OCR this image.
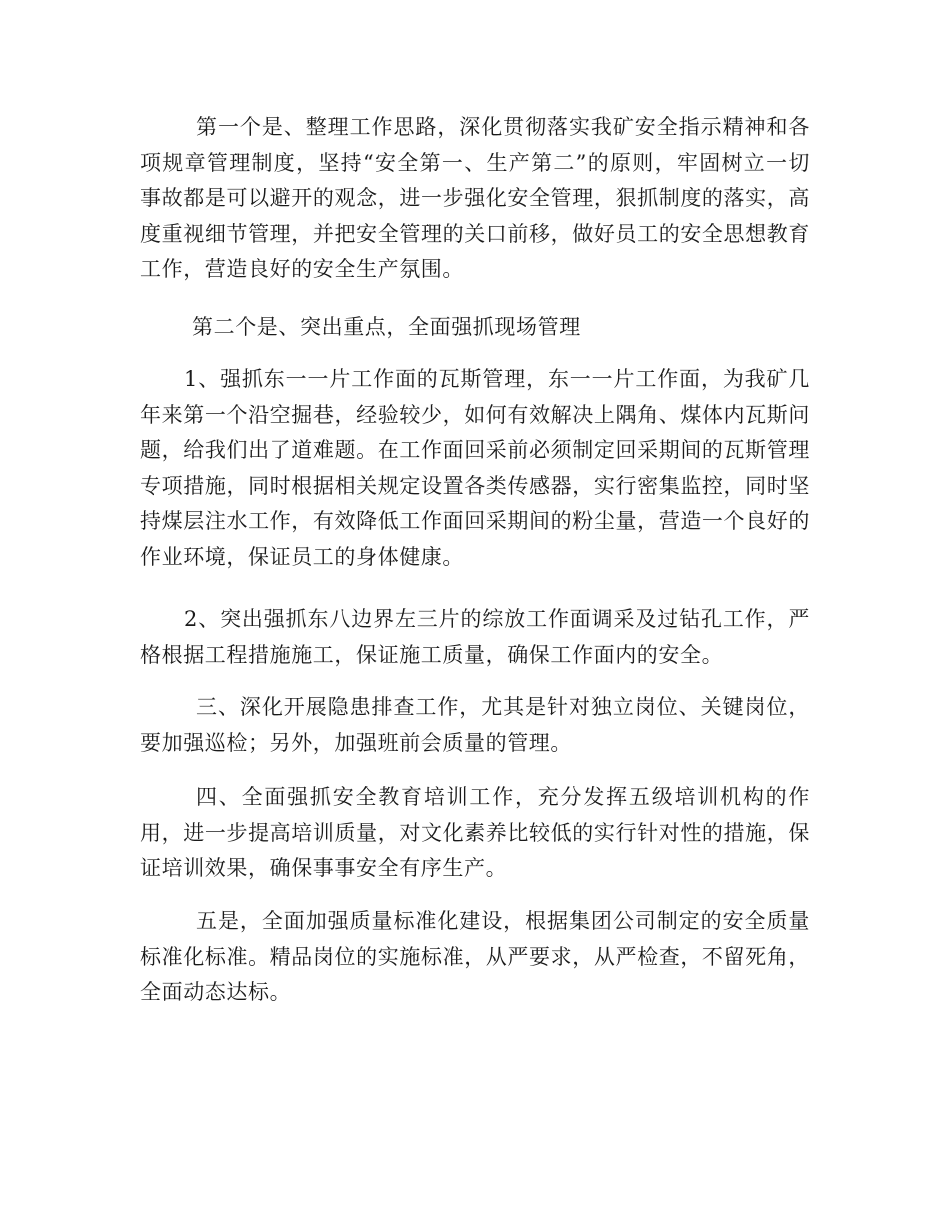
第一个是、整理工作思路，深化贯彻落实我矿安全指示精神和各项规章管理制度，坚持“安全第一、生产第二”的原则，牢固树立一切事故都是可以避开的观念，进一步强化安全管理，狠抓制度的落实，高度重视细节管理，并把安全管理的关口前移，做好员工的安全思想教育工作，营造良好的安全生产氛围。

第二个是、突出重点，全面强抓现场管理

1、强抓东一一片工作面的瓦斯管理，东一一片工作面，为我矿几年来第一个沿空掘巷，经验较少，如何有效解决上隅角、煤体内瓦斯问题，给我们出了道难题。在工作面回采前必须制定回采期间的瓦斯管理专项措施，同时根据相关规定设置各类传感器，实行密集监控，同时坚持煤层注水工作，有效降低工作面回采期间的粉尘量，营造一个良好的作业环境，保证员工的身体健康。

2、突出强抓东八边界左三片的综放工作面调采及过钻孔工作，严格根据工程措施施工，保证施工质量，确保工作面内的安全。

三、深化开展隐患排查工作，尤其是针对独立岗位、关键岗位，要加强巡检；另外，加强班前会质量的管理。

四、全面强抓安全教育培训工作，充分发挥五级培训机构的作用，进一步提高培训质量，对文化素养比较低的实行针对性的措施，保证培训效果，确保事事安全有序生产。

五是，全面加强质量标准化建设，根据集团公司制定的安全质量标准化标准。精品岗位的实施标准，从严要求，从严检查，不留死角，全面动态达标。
